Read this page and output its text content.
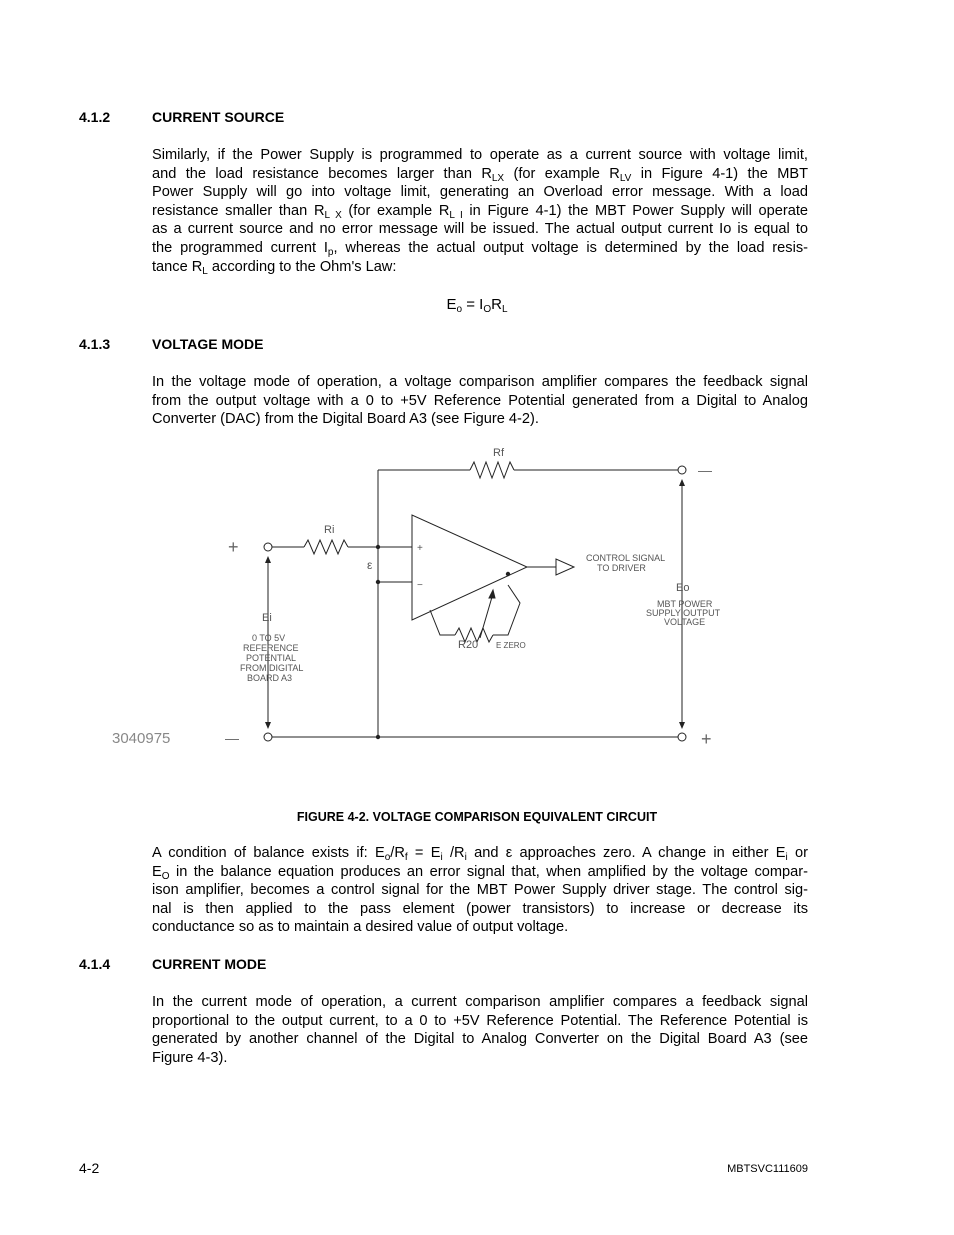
4.1.2	CURRENT SOURCE
Similarly, if the Power Supply is programmed to operate as a current source with voltage limit,
and the load resistance becomes larger than $R_{LX}$ (for example $R_{LV}$ in Figure 4-1) the MBT
Power Supply will go into voltage limit, generating an Overload error message. With a load
resistance smaller than $R_{L X}$ (for example $R_{L I}$ in Figure 4-1) the MBT Power Supply will operate
as a current source and no error message will be issued. The actual output current Io is equal to
the programmed current $I_p$, whereas the actual output voltage is determined by the load resis-
tance $R_L$ according to the Ohm's Law:
$E_o = I_OR_L$
4.1.3	VOLTAGE MODE
In the voltage mode of operation, a voltage comparison amplifier compares the feedback signal
from the output voltage with a 0 to +5V Reference Potential generated from a Digital to Analog
Converter (DAC) from the Digital Board A3 (see Figure 4-2).
Rf
Ri
ε
+
−
CONTROL SIGNAL
TO DRIVER
Eo
MBT POWER
SUPPLY OUTPUT
VOLTAGE
Ei
0 TO 5V
REFERENCE
POTENTIAL
FROM DIGITAL
BOARD A3
R20 E ZERO
3040975
+
—
—
+
FIGURE 4-2. VOLTAGE COMPARISON EQUIVALENT CIRCUIT
A condition of balance exists if: $E_o/R_f = E_i$ $/R_i$ and ε approaches zero. A change in either $E_i$ or
$E_O$ in the balance equation produces an error signal that, when amplified by the voltage compar-
ison amplifier, becomes a control signal for the MBT Power Supply driver stage. The control sig-
nal is then applied to the pass element (power transistors) to increase or decrease its
conductance so as to maintain a desired value of output voltage.
4.1.4	CURRENT MODE
In the current mode of operation, a current comparison amplifier compares a feedback signal
proportional to the output current, to a 0 to +5V Reference Potential. The Reference Potential is
generated by another channel of the Digital to Analog Converter on the Digital Board A3 (see
Figure 4-3).
4-2	MBTSVC111609
